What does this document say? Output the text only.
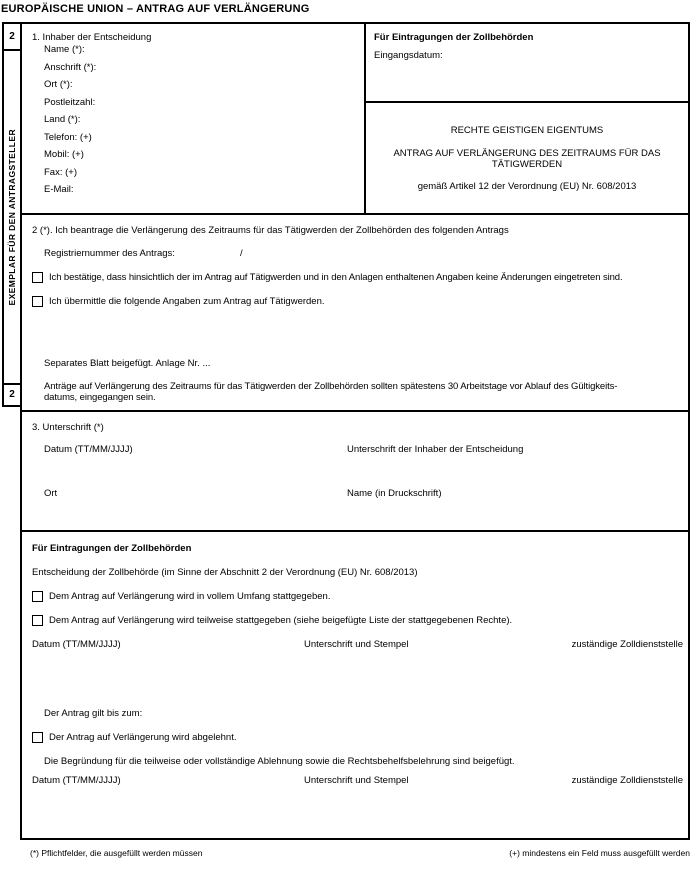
EUROPÄISCHE UNION – ANTRAG AUF VERLÄNGERUNG
1. Inhaber der Entscheidung
Name (*):
Anschrift (*):
Ort (*):
Postleitzahl:
Land (*):
Telefon: (+)
Mobil: (+)
Fax: (+)
E-Mail:
Für Eintragungen der Zollbehörden
Eingangsdatum:
RECHTE GEISTIGEN EIGENTUMS
ANTRAG AUF VERLÄNGERUNG DES ZEITRAUMS FÜR DAS TÄTIGWERDEN
gemäß Artikel 12 der Verordnung (EU) Nr. 608/2013
2 (*). Ich beantrage die Verlängerung des Zeitraums für das Tätigwerden der Zollbehörden des folgenden Antrags
Registriernummer des Antrags:	/
Ich bestätige, dass hinsichtlich der im Antrag auf Tätigwerden und in den Anlagen enthaltenen Angaben keine Änderungen eingetreten sind.
Ich übermittle die folgende Angaben zum Antrag auf Tätigwerden.
Separates Blatt beigefügt. Anlage Nr. ...
Anträge auf Verlängerung des Zeitraums für das Tätigwerden der Zollbehörden sollten spätestens 30 Arbeitstage vor Ablauf des Gültigkeits-
datums, eingegangen sein.
3. Unterschrift (*)
Datum (TT/MM/JJJJ)	Unterschrift der Inhaber der Entscheidung
Ort	Name (in Druckschrift)
Für Eintragungen der Zollbehörden
Entscheidung der Zollbehörde (im Sinne der Abschnitt 2 der Verordnung (EU) Nr. 608/2013)
Dem Antrag auf Verlängerung wird in vollem Umfang stattgegeben.
Dem Antrag auf Verlängerung wird teilweise stattgegeben (siehe beigefügte Liste der stattgegebenen Rechte).
Datum (TT/MM/JJJJ)	Unterschrift und Stempel	zuständige Zolldienststelle
Der Antrag gilt bis zum:
Der Antrag auf Verlängerung wird abgelehnt.
Die Begründung für die teilweise oder vollständige Ablehnung sowie die Rechtsbehelfsbelehrung sind beigefügt.
Datum (TT/MM/JJJJ)	Unterschrift und Stempel	zuständige Zolldienststelle
2
EXEMPLAR FÜR DEN ANTRAGSTELLER
2
(*) Pflichtfelder, die ausgefüllt werden müssen	(+) mindestens ein Feld muss ausgefüllt werden
